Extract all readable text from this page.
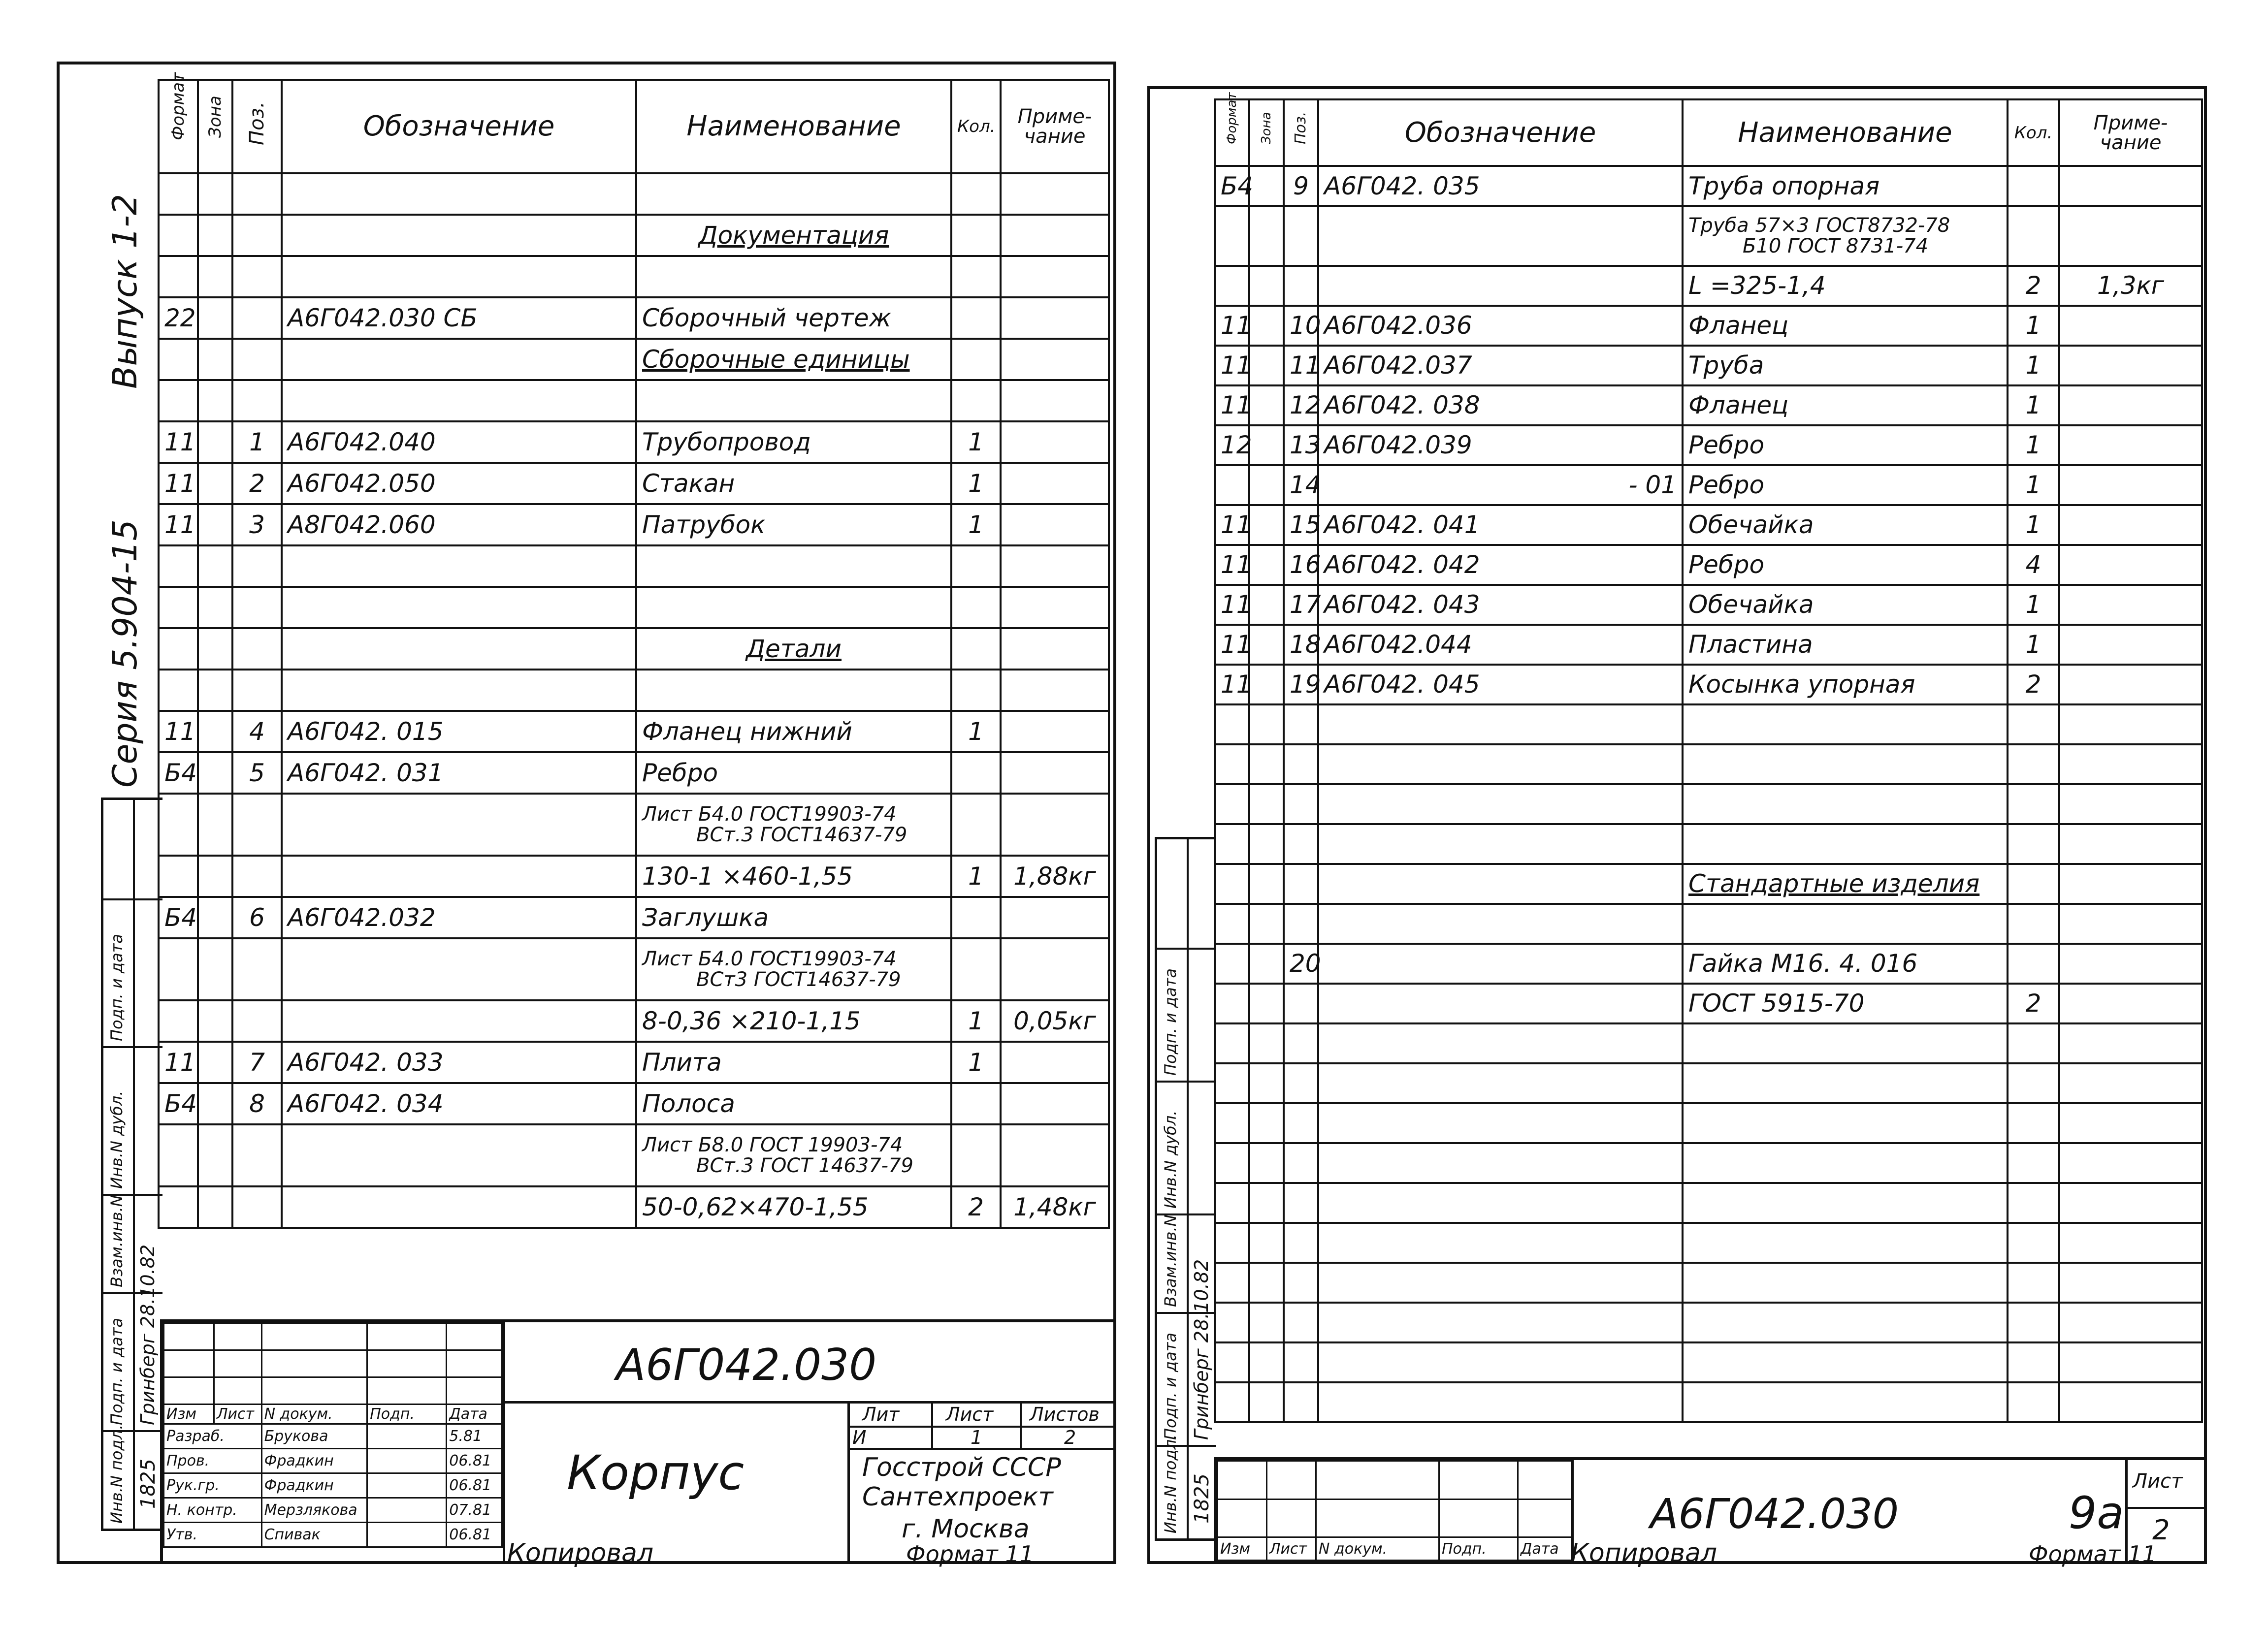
Серия 5.904-15
Выпуск 1-2
Инв.N подл.
Подп. и дата
Взам.инв.N
Инв.N дубл.
Подп. и дата
1825
Гринберг 28.10.82
Формат	Зона	Поз.	Обозначение	Наименование	Кол.	Приме-чание

				Документация		

22			А6Г042.030 СБ	Сборочный чертеж		
				Сборочные единицы		

11		1	А6Г042.040	Трубопровод	1	
11		2	А6Г042.050	Стакан	1	
11		3	А8Г042.060	Патрубок	1	

				Детали		

11		4	А6Г042. 015	Фланец нижний	1	
Б4		5	А6Г042. 031	Ребро		

				Лист Б4.0 ГОСТ19903-74
ВСт.3 ГОСТ14637-79		

				130-1 ×460-1,55	1	1,88кг
Б4		6	А6Г042.032	Заглушка		

				Лист Б4.0 ГОСТ19903-74
ВСт3 ГОСТ14637-79		

				8-0,36 ×210-1,15	1	0,05кг
11		7	А6Г042. 033	Плита	1	
Б4		8	А6Г042. 034	Полоса		

				Лист Б8.0 ГОСТ 19903-74
ВСт.3 ГОСТ 14637-79		

				50-0,62×470-1,55	2	1,48кг
А6Г042.030
Корпус
Лит Лист Листов
И	1	2
Госстрой СССР
Сантехпроект
г. Москва

Изм	Лист	N докум.	Подп.	Дата
Разраб.		Брукова		5.81
Пров.		Фрадкин		06.81
Рук.гр.		Фрадкин		06.81
Н. контр.		Мерзлякова		07.81
Утв.		Спивак		06.81
Копировал	Формат 11
Инв.N подл.
Подп. и дата
Взам.инв.N
Инв.N дубл.
Подп. и дата
1825
Гринберг 28.10.82
Формат	Зона	Поз.	Обозначение	Наименование	Кол.	Приме-чание

Б4		9	А6Г042. 035	Труба опорная		

				Труба 57×3 ГОСТ8732-78
Б10 ГОСТ 8731-74		

				L =325-1,4	2	1,3кг
11		10	А6Г042.036	Фланец	1	
11		11	А6Г042.037	Труба	1	
11		12	А6Г042. 038	Фланец	1	
12		13	А6Г042.039	Ребро	1	
		14	- 01	Ребро	1	
11		15	А6Г042. 041	Обечайка	1	
11		16	А6Г042. 042	Ребро	4	
11		17	А6Г042. 043	Обечайка	1	
11		18	А6Г042.044	Пластина	1	
11		19	А6Г042. 045	Косынка упорная	2	

				Стандартные изделия		

		20		Гайка М16. 4. 016		
				ГОСТ 5915-70	2	

А6Г042.030	9а
Лист
2

Изм	Лист	N докум.	Подп.	Дата Копировал	Формат 11
